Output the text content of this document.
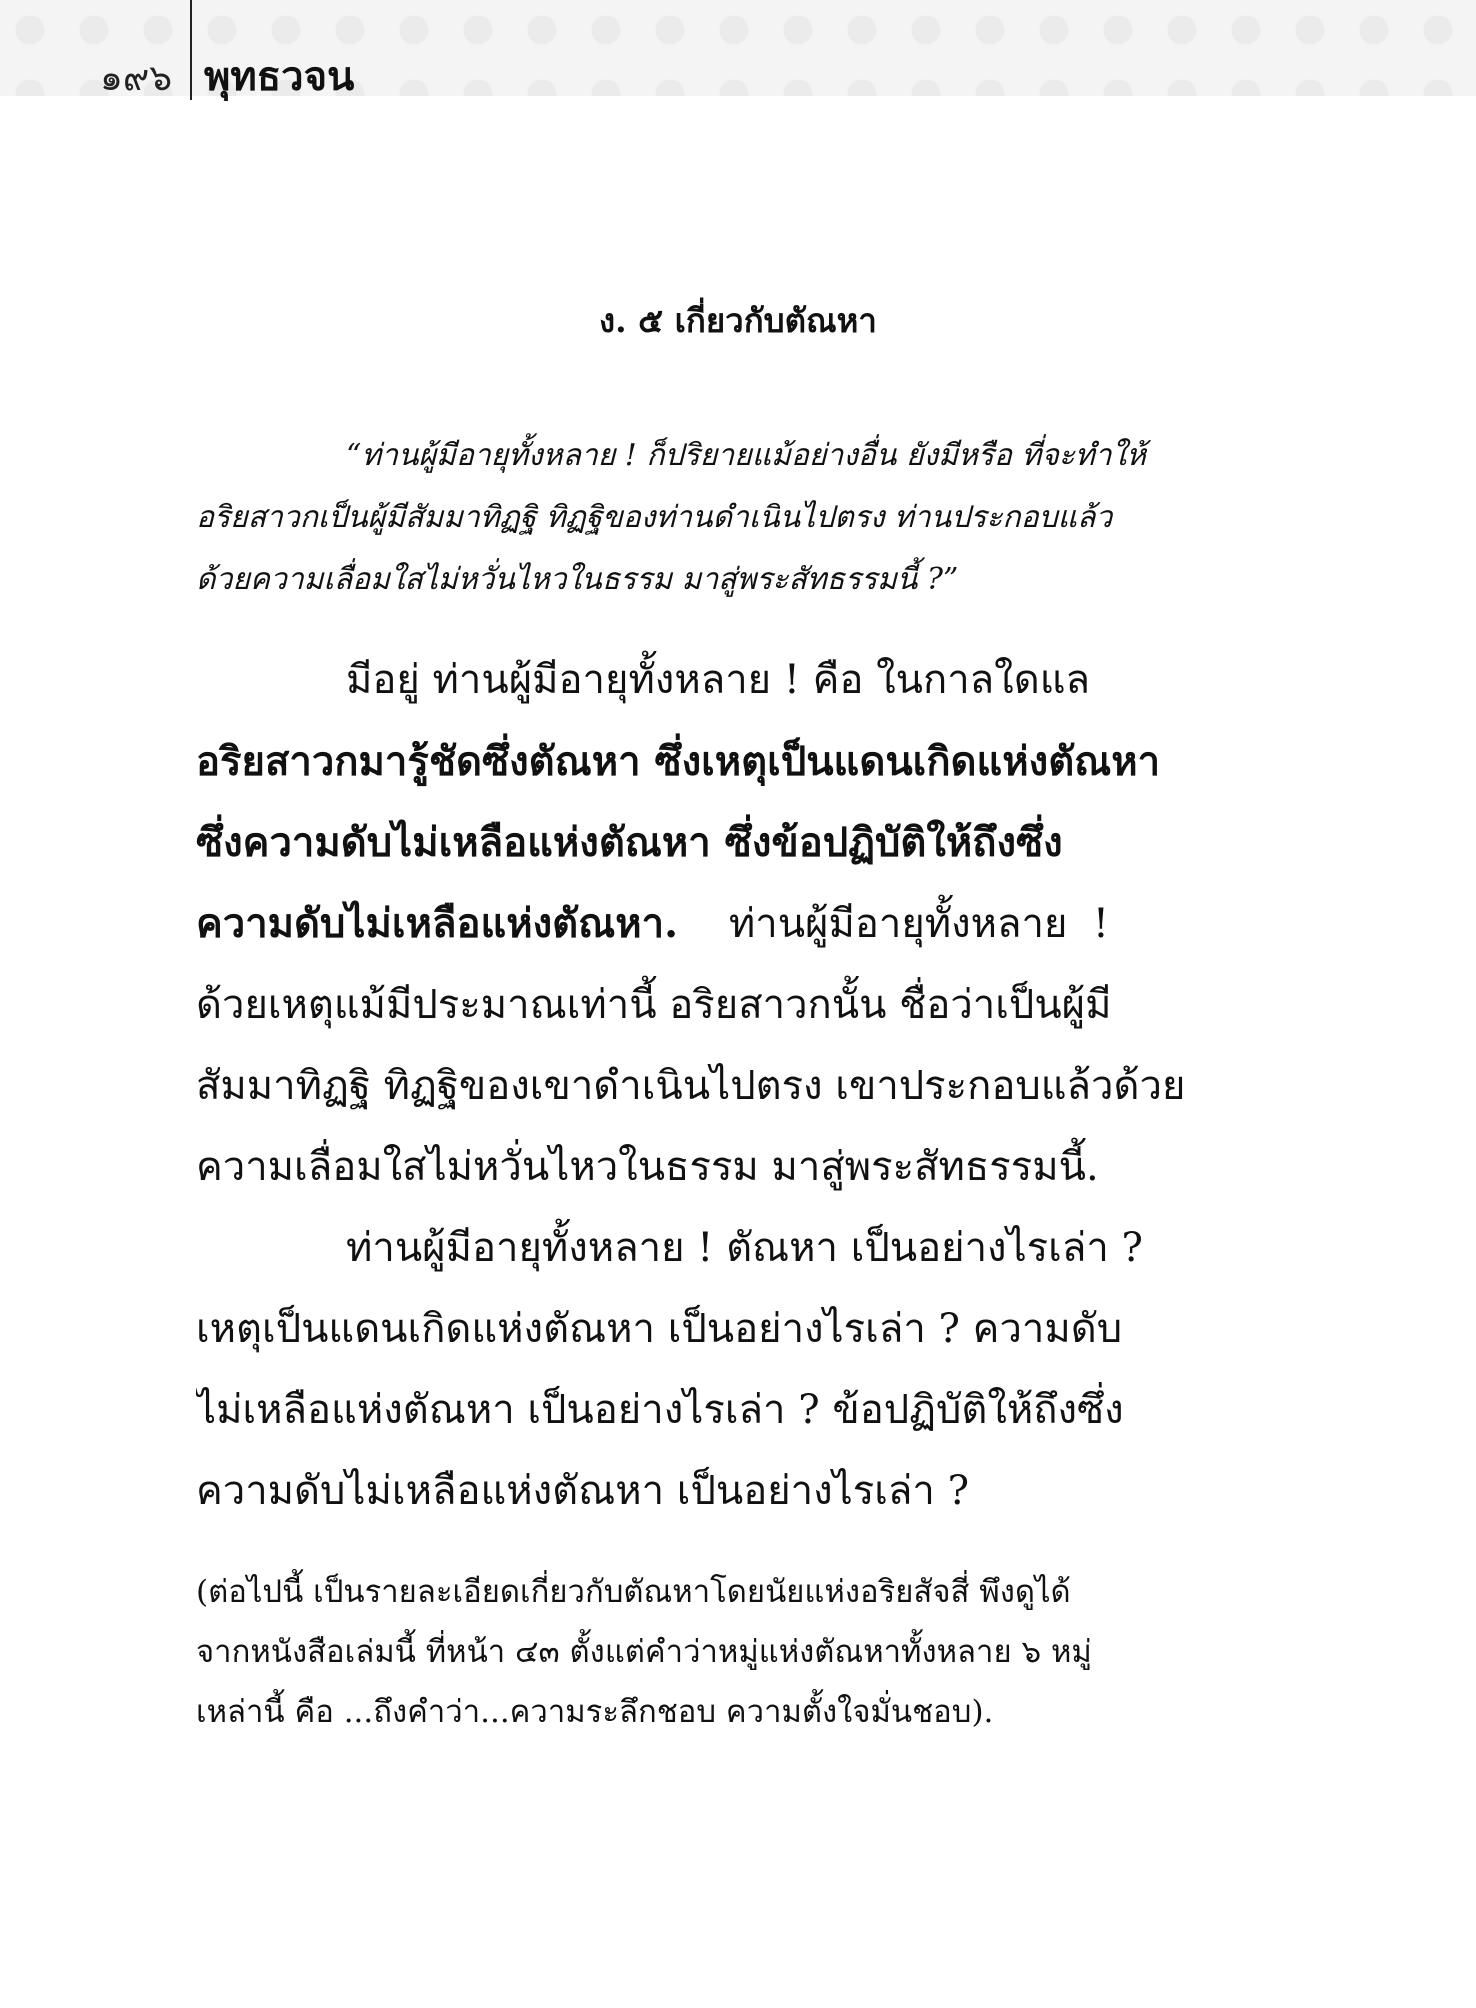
๑๙๖ พุทธวจน
ง. ๕ เกี่ยวกับตัณหา
“ท่านผู้มีอายุทั้งหลาย ! ก็ปริยายแม้อย่างอื่น ยังมีหรือ ที่จะทำให้
อริยสาวกเป็นผู้มีสัมมาทิฏฐิ ทิฏฐิของท่านดำเนินไปตรง ท่านประกอบแล้ว
ด้วยความเลื่อมใสไม่หวั่นไหวในธรรม มาสู่พระสัทธรรมนี้ ?”
มีอยู่ ท่านผู้มีอายุทั้งหลาย ! คือ ในกาลใดแล
อริยสาวกมารู้ชัดซึ่งตัณหา ซึ่งเหตุเป็นแดนเกิดแห่งตัณหา
ซึ่งความดับไม่เหลือแห่งตัณหา ซึ่งข้อปฏิบัติให้ถึงซึ่ง
ความดับไม่เหลือแห่งตัณหา.    ท่านผู้มีอายุทั้งหลาย  !
ด้วยเหตุแม้มีประมาณเท่านี้ อริยสาวกนั้น ชื่อว่าเป็นผู้มี
สัมมาทิฏฐิ ทิฏฐิของเขาดำเนินไปตรง เขาประกอบแล้วด้วย
ความเลื่อมใสไม่หวั่นไหวในธรรม มาสู่พระสัทธรรมนี้.
ท่านผู้มีอายุทั้งหลาย ! ตัณหา เป็นอย่างไรเล่า ?
เหตุเป็นแดนเกิดแห่งตัณหา เป็นอย่างไรเล่า ? ความดับ
ไม่เหลือแห่งตัณหา เป็นอย่างไรเล่า ? ข้อปฏิบัติให้ถึงซึ่ง
ความดับไม่เหลือแห่งตัณหา เป็นอย่างไรเล่า ?
(ต่อไปนี้ เป็นรายละเอียดเกี่ยวกับตัณหาโดยนัยแห่งอริยสัจสี่ พึงดูได้
จากหนังสือเล่มนี้ ที่หน้า ๔๓ ตั้งแต่คำว่าหมู่แห่งตัณหาทั้งหลาย ๖ หมู่
เหล่านี้ คือ ...ถึงคำว่า...ความระลึกชอบ ความตั้งใจมั่นชอบ).
